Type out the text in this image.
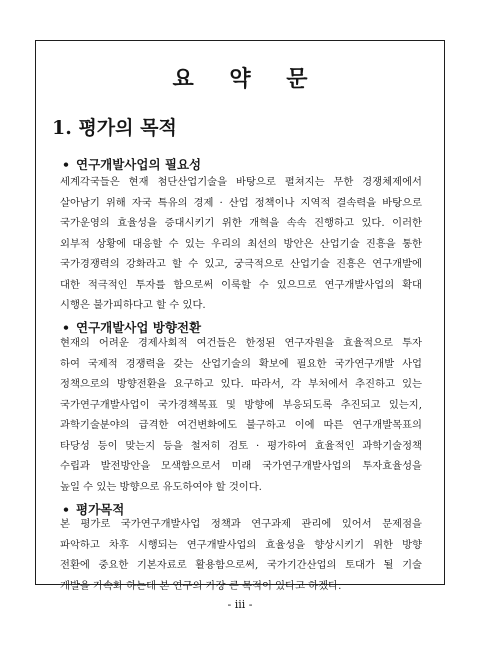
요 약 문
1. 평가의 목적
• 연구개발사업의 필요성
세계각국들은 현재 첨단산업기술을 바탕으로 펼쳐지는 무한 경쟁체제에서
살아남기 위해 자국 특유의 경제 · 산업 정책이나 지역적 결속력을 바탕으로
국가운영의 효율성을 증대시키기 위한 개혁을 속속 진행하고 있다. 이러한
외부적 상황에 대응할 수 있는 우리의 최선의 방안은 산업기술 진흥을 통한
국가경쟁력의 강화라고 할 수 있고, 궁극적으로 산업기술 진흥은 연구개발에
대한 적극적인 투자를 함으로써 이룩할 수 있으므로 연구개발사업의 확대
시행은 불가피하다고 할 수 있다.
• 연구개발사업 방향전환
현재의 어려운 경제사회적 여건들은 한정된 연구자원을 효율적으로 투자
하여 국제적 경쟁력을 갖는 산업기술의 확보에 필요한 국가연구개발 사업
정책으로의 방향전환을 요구하고 있다. 따라서, 각 부처에서 추진하고 있는
국가연구개발사업이 국가경책목표 및 방향에 부응되도록 추진되고 있는지,
과학기술분야의 급격한 여건변화에도 불구하고 이에 따른 연구개발목표의
타당성 등이 맞는지 등을 철저히 검토 · 평가하여 효율적인 과학기술정책
수립과 발전방안을 모색함으로서 미래 국가연구개발사업의 투자효율성을
높일 수 있는 방향으로 유도하여야 할 것이다.
• 평가목적
본 평가로 국가연구개발사업 정책과 연구과제 관리에 있어서 문제점을
파악하고 차후 시행되는 연구개발사업의 효율성을 향상시키기 위한 방향
전환에 중요한 기본자료로 활용함으로써, 국가기간산업의 토대가 될 기술
개발을 가속화 하는데 본 연구의 가장 큰 목적이 있다고 하겠다.
- iii -
